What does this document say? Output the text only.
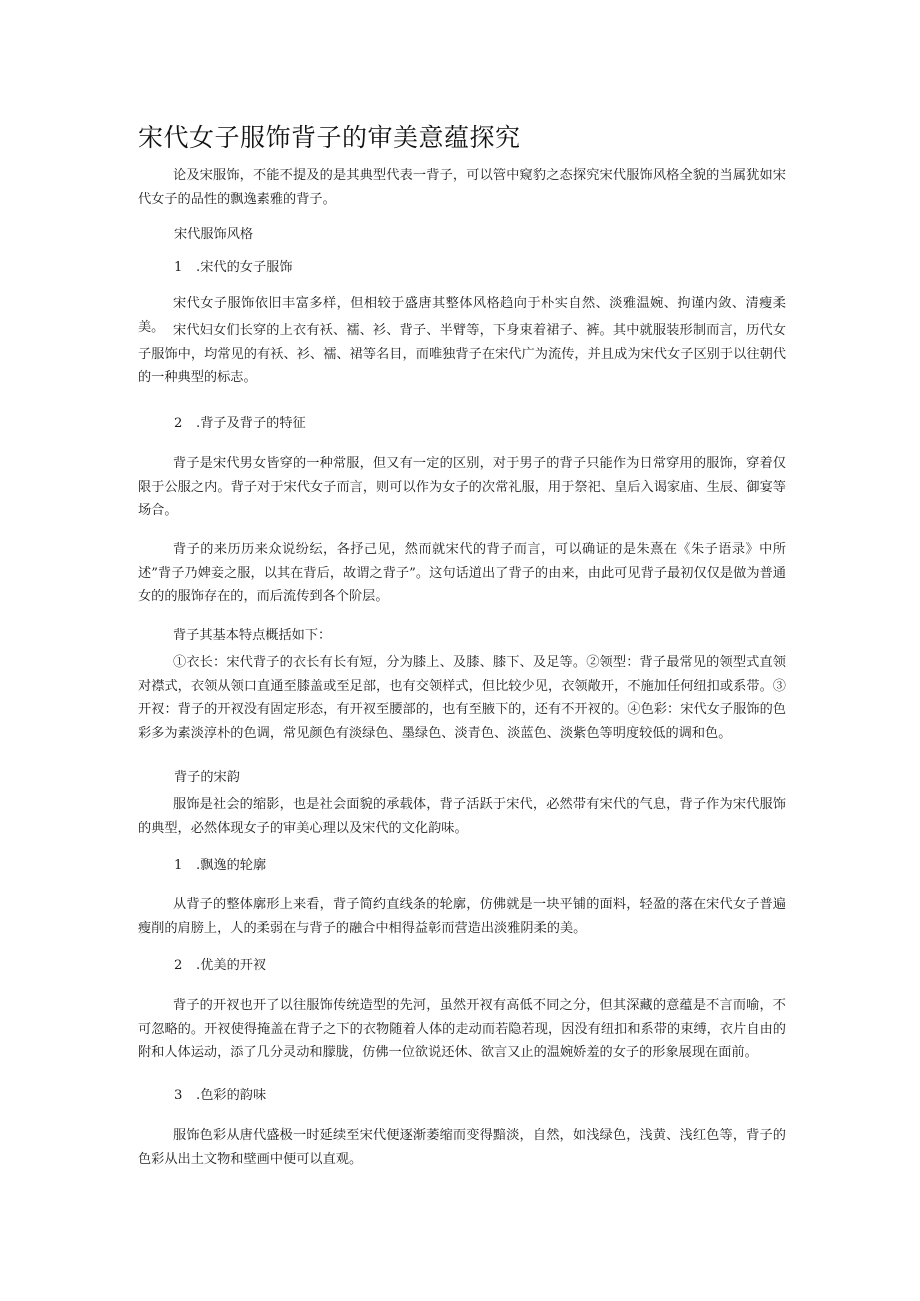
宋代女子服饰背子的审美意蕴探究
论及宋服饰，不能不提及的是其典型代表一背子，可以管中窥豹之态探究宋代服饰风格全貌的当属犹如宋代女子的品性的飘逸素雅的背子。
宋代服饰风格
1 .宋代的女子服饰
宋代女子服饰依旧丰富多样，但相较于盛唐其整体风格趋向于朴实自然、淡雅温婉、拘谨内敛、清瘦柔美。 宋代妇女们长穿的上衣有袄、襦、衫、背子、半臂等，下身束着裙子、裤。其中就服装形制而言，历代女子服饰中，均常见的有袄、衫、襦、裙等名目，而唯独背子在宋代广为流传，并且成为宋代女子区别于以往朝代的一种典型的标志。
2 .背子及背子的特征
背子是宋代男女皆穿的一种常服，但又有一定的区别，对于男子的背子只能作为日常穿用的服饰，穿着仅限于公服之内。背子对于宋代女子而言，则可以作为女子的次常礼服，用于祭祀、皇后入谒家庙、生辰、御宴等场合。
背子的来历历来众说纷纭，各抒己见，然而就宋代的背子而言，可以确证的是朱熹在《朱子语录》中所述”背子乃婢妾之服，以其在背后，故谓之背子”。这句话道出了背子的由来，由此可见背子最初仅仅是做为普通女的的服饰存在的，而后流传到各个阶层。
背子其基本特点概括如下：
①衣长：宋代背子的衣长有长有短，分为膝上、及膝、膝下、及足等。②领型：背子最常见的领型式直领对襟式，衣领从领口直通至膝盖或至足部，也有交领样式，但比较少见，衣领敞开，不施加任何纽扣或系带。③开衩：背子的开衩没有固定形态，有开衩至腰部的，也有至腋下的，还有不开衩的。④色彩：宋代女子服饰的色彩多为素淡淳朴的色调，常见颜色有淡绿色、墨绿色、淡青色、淡蓝色、淡紫色等明度较低的调和色。
背子的宋韵
服饰是社会的缩影，也是社会面貌的承载体，背子活跃于宋代，必然带有宋代的气息，背子作为宋代服饰的典型，必然体现女子的审美心理以及宋代的文化韵味。
1 .飘逸的轮廓
从背子的整体廓形上来看，背子简约直线条的轮廓，仿佛就是一块平铺的面料，轻盈的落在宋代女子普遍瘦削的肩膀上，人的柔弱在与背子的融合中相得益彰而营造出淡雅阴柔的美。
2 .优美的开衩
背子的开衩也开了以往服饰传统造型的先河，虽然开衩有高低不同之分，但其深藏的意蕴是不言而喻，不可忽略的。开衩使得掩盖在背子之下的衣物随着人体的走动而若隐若现，因没有纽扣和系带的束缚，衣片自由的附和人体运动，添了几分灵动和朦胧，仿佛一位欲说还休、欲言又止的温婉娇羞的女子的形象展现在面前。
3 .色彩的韵味
服饰色彩从唐代盛极一时延续至宋代便逐渐萎缩而变得黯淡，自然，如浅绿色，浅黄、浅红色等，背子的色彩从出土文物和壁画中便可以直观。
